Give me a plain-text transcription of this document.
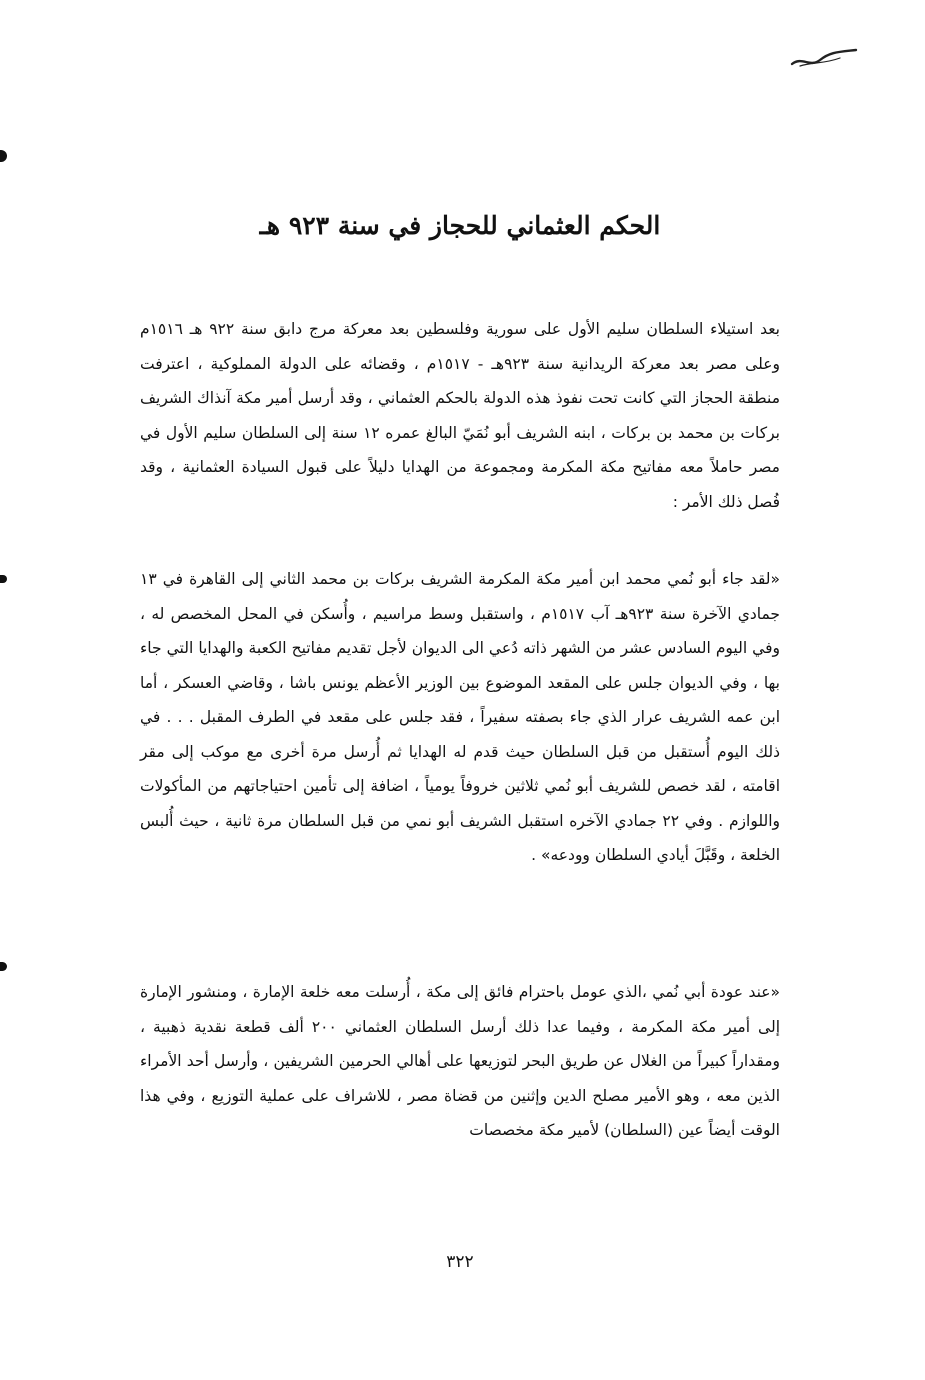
الحكم العثماني للحجاز في سنة ٩٢٣ هـ

بعد استيلاء السلطان سليم الأول على سورية وفلسطين بعد معركة مرج دابق سنة ٩٢٢ هـ ١٥١٦م وعلى مصر بعد معركة الريدانية سنة ٩٢٣هـ - ١٥١٧م ، وقضائه على الدولة المملوكية ، اعترفت منطقة الحجاز التي كانت تحت نفوذ هذه الدولة بالحكم العثماني ، وقد أرسل أمير مكة آنذاك الشريف بركات بن محمد بن بركات ، ابنه الشريف أبو نُمَيّ البالغ عمره ١٢ سنة إلى السلطان سليم الأول في مصر حاملاً معه مفاتيح مكة المكرمة ومجموعة من الهدايا دليلاً على قبول السيادة العثمانية ، وقد فُصل ذلك الأمر :

«لقد جاء أبو نُمي محمد ابن أمير مكة المكرمة الشريف بركات بن محمد الثاني إلى القاهرة في ١٣ جمادي الآخرة سنة ٩٢٣هـ آب ١٥١٧م ، واستقبل وسط مراسيم ، وأُسكن في المحل المخصص له ، وفي اليوم السادس عشر من الشهر ذاته دُعي الى الديوان لأجل تقديم مفاتيح الكعبة والهدايا التي جاء بها ، وفي الديوان جلس على المقعد الموضوع بين الوزير الأعظم يونس باشا ، وقاضي العسكر ، أما ابن عمه الشريف عرار الذي جاء بصفته سفيراً ، فقد جلس على مقعد في الطرف المقبل . . . في ذلك اليوم أُستقبل من قبل السلطان حيث قدم له الهدايا ثم أُرسل مرة أخرى مع موكب إلى مقر اقامته ، لقد خصص للشريف أبو نُمي ثلاثين خروفاً يومياً ، اضافة إلى تأمين احتياجاتهم من المأكولات واللوازم . وفي ٢٢ جمادي الآخره استقبل الشريف أبو نمي من قبل السلطان مرة ثانية ، حيث أُلبس الخلعة ، وقَبَّلَ أيادي السلطان وودعه» .

«عند عودة أبي نُمي ،الذي عومل باحترام فائق إلى مكة ، أُرسلت معه خلعة الإمارة ، ومنشور الإمارة إلى أمير مكة المكرمة ، وفيما عدا ذلك أرسل السلطان العثماني ٢٠٠ ألف قطعة نقدية ذهبية ، ومقداراً كبيراً من الغلال عن طريق البحر لتوزيعها على أهالي الحرمين الشريفين ، وأرسل أحد الأمراء الذين معه ، وهو الأمير مصلح الدين وإثنين من قضاة مصر ، للاشراف على عملية التوزيع ، وفي هذا الوقت أيضاً عين (السلطان) لأمير مكة مخصصات

٣٢٢
